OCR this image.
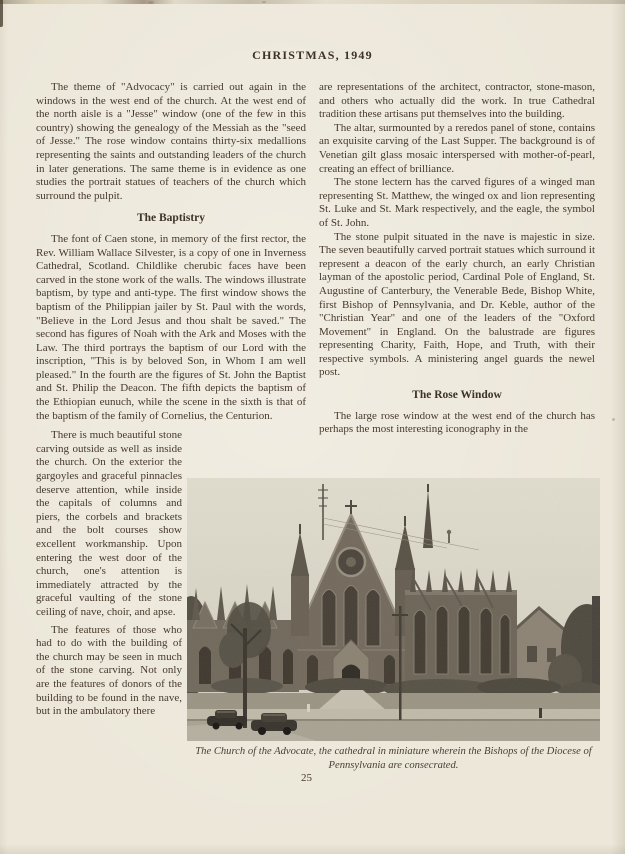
CHRISTMAS, 1949

The theme of "Advocacy" is carried out again in the windows in the west end of the church. At the west end of the north aisle is a "Jesse" window (one of the few in this country) showing the genealogy of the Messiah as the "seed of Jesse." The rose window contains thirty-six medallions representing the saints and outstanding leaders of the church in later generations. The same theme is in evidence as one studies the portrait statues of teachers of the church which surround the pulpit.

The Baptistry

The font of Caen stone, in memory of the first rector, the Rev. William Wallace Silvester, is a copy of one in Inverness Cathedral, Scotland. Childlike cherubic faces have been carved in the stone work of the walls. The windows illustrate baptism, by type and anti-type. The first window shows the baptism of the Philippian jailer by St. Paul with the words, "Believe in the Lord Jesus and thou shalt be saved." The second has figures of Noah with the Ark and Moses with the Law. The third portrays the baptism of our Lord with the inscription, "This is by beloved Son, in Whom I am well pleased." In the fourth are the figures of St. John the Baptist and St. Philip the Deacon. The fifth depicts the baptism of the Ethiopian eunuch, while the scene in the sixth is that of the baptism of the family of Cornelius, the Centurion.

There is much beautiful stone carving outside as well as inside the church. On the exterior the gargoyles and graceful pinnacles deserve attention, while inside the capitals of columns and piers, the corbels and brackets and the bolt courses show excellent workmanship. Upon entering the west door of the church, one's attention is immediately attracted by the graceful vaulting of the stone ceiling of nave, choir, and apse.

The features of those who had to do with the building of the church may be seen in much of the stone carving. Not only are the features of donors of the building to be found in the nave, but in the ambulatory there

are representations of the architect, contractor, stone-mason, and others who actually did the work. In true Cathedral tradition these artisans put themselves into the building.

The altar, surmounted by a reredos panel of stone, contains an exquisite carving of the Last Supper. The background is of Venetian gilt glass mosaic interspersed with mother-of-pearl, creating an effect of brilliance.

The stone lectern has the carved figures of a winged man representing St. Matthew, the winged ox and lion representing St. Luke and St. Mark respectively, and the eagle, the symbol of St. John.

The stone pulpit situated in the nave is majestic in size. The seven beautifully carved portrait statues which surround it represent a deacon of the early church, an early Christian layman of the apostolic period, Cardinal Pole of England, St. Augustine of Canterbury, the Venerable Bede, Bishop White, first Bishop of Pennsylvania, and Dr. Keble, author of the "Christian Year" and one of the leaders of the "Oxford Movement" in England. On the balustrade are figures representing Charity, Faith, Hope, and Truth, with their respective symbols. A ministering angel guards the newel post.

The Rose Window

The large rose window at the west end of the church has perhaps the most interesting iconography in the

The Church of the Advocate, the cathedral in miniature wherein the Bishops of the Diocese of Pennsylvania are consecrated.
25
